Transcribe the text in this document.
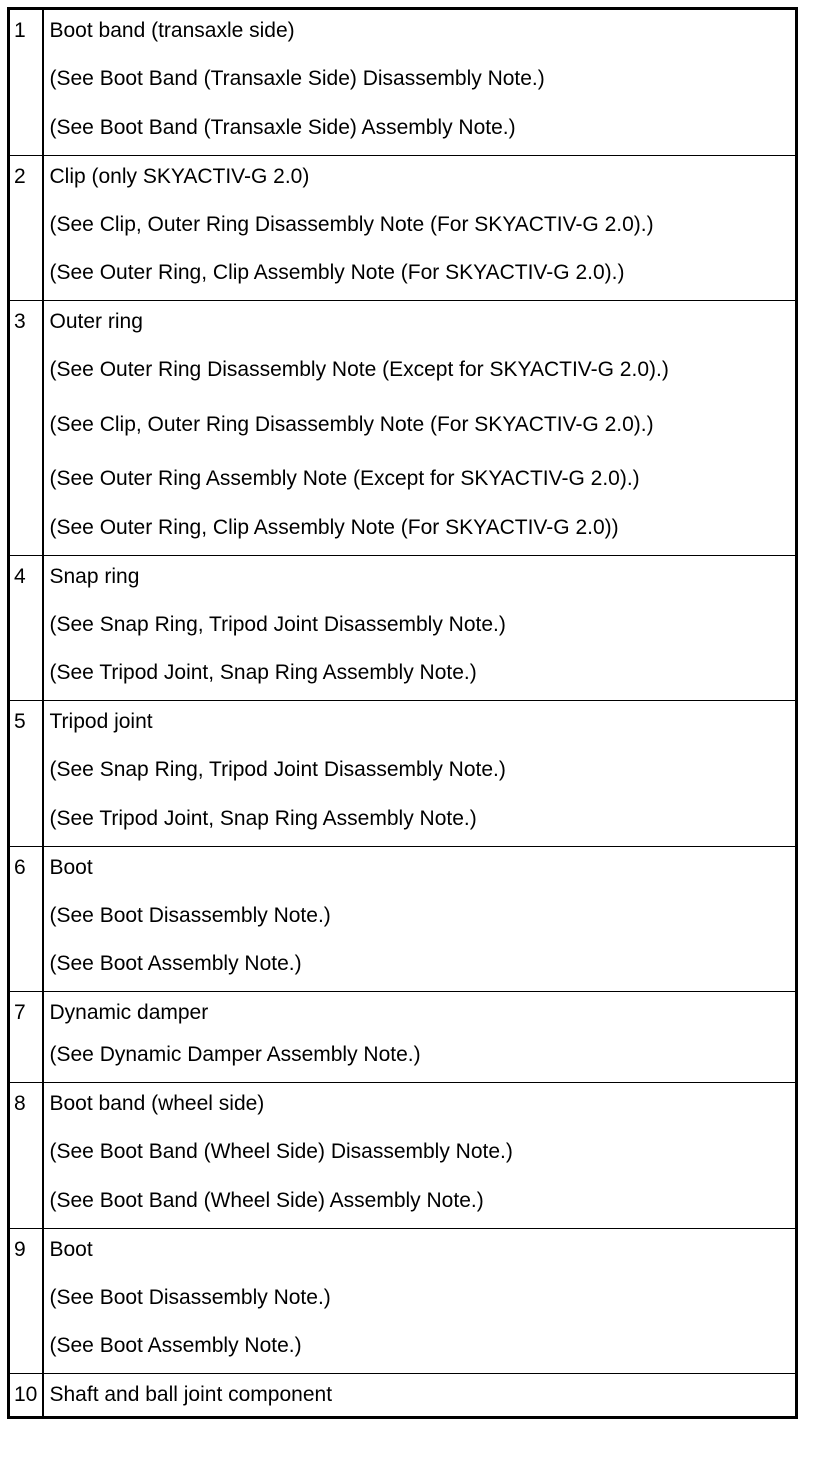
1	Boot band (transaxle side)
(See Boot Band (Transaxle Side) Disassembly Note.)
(See Boot Band (Transaxle Side) Assembly Note.)

2	Clip (only SKYACTIV-G 2.0)
(See Clip, Outer Ring Disassembly Note (For SKYACTIV-G 2.0).)
(See Outer Ring, Clip Assembly Note (For SKYACTIV-G 2.0).)

3	Outer ring
(See Outer Ring Disassembly Note (Except for SKYACTIV-G 2.0).)
(See Clip, Outer Ring Disassembly Note (For SKYACTIV-G 2.0).)
(See Outer Ring Assembly Note (Except for SKYACTIV-G 2.0).)
(See Outer Ring, Clip Assembly Note (For SKYACTIV-G 2.0))

4	Snap ring
(See Snap Ring, Tripod Joint Disassembly Note.)
(See Tripod Joint, Snap Ring Assembly Note.)

5	Tripod joint
(See Snap Ring, Tripod Joint Disassembly Note.)
(See Tripod Joint, Snap Ring Assembly Note.)

6	Boot
(See Boot Disassembly Note.)
(See Boot Assembly Note.)

7	Dynamic damper
(See Dynamic Damper Assembly Note.)

8	Boot band (wheel side)
(See Boot Band (Wheel Side) Disassembly Note.)
(See Boot Band (Wheel Side) Assembly Note.)

9	Boot
(See Boot Disassembly Note.)
(See Boot Assembly Note.)

10	Shaft and ball joint component
